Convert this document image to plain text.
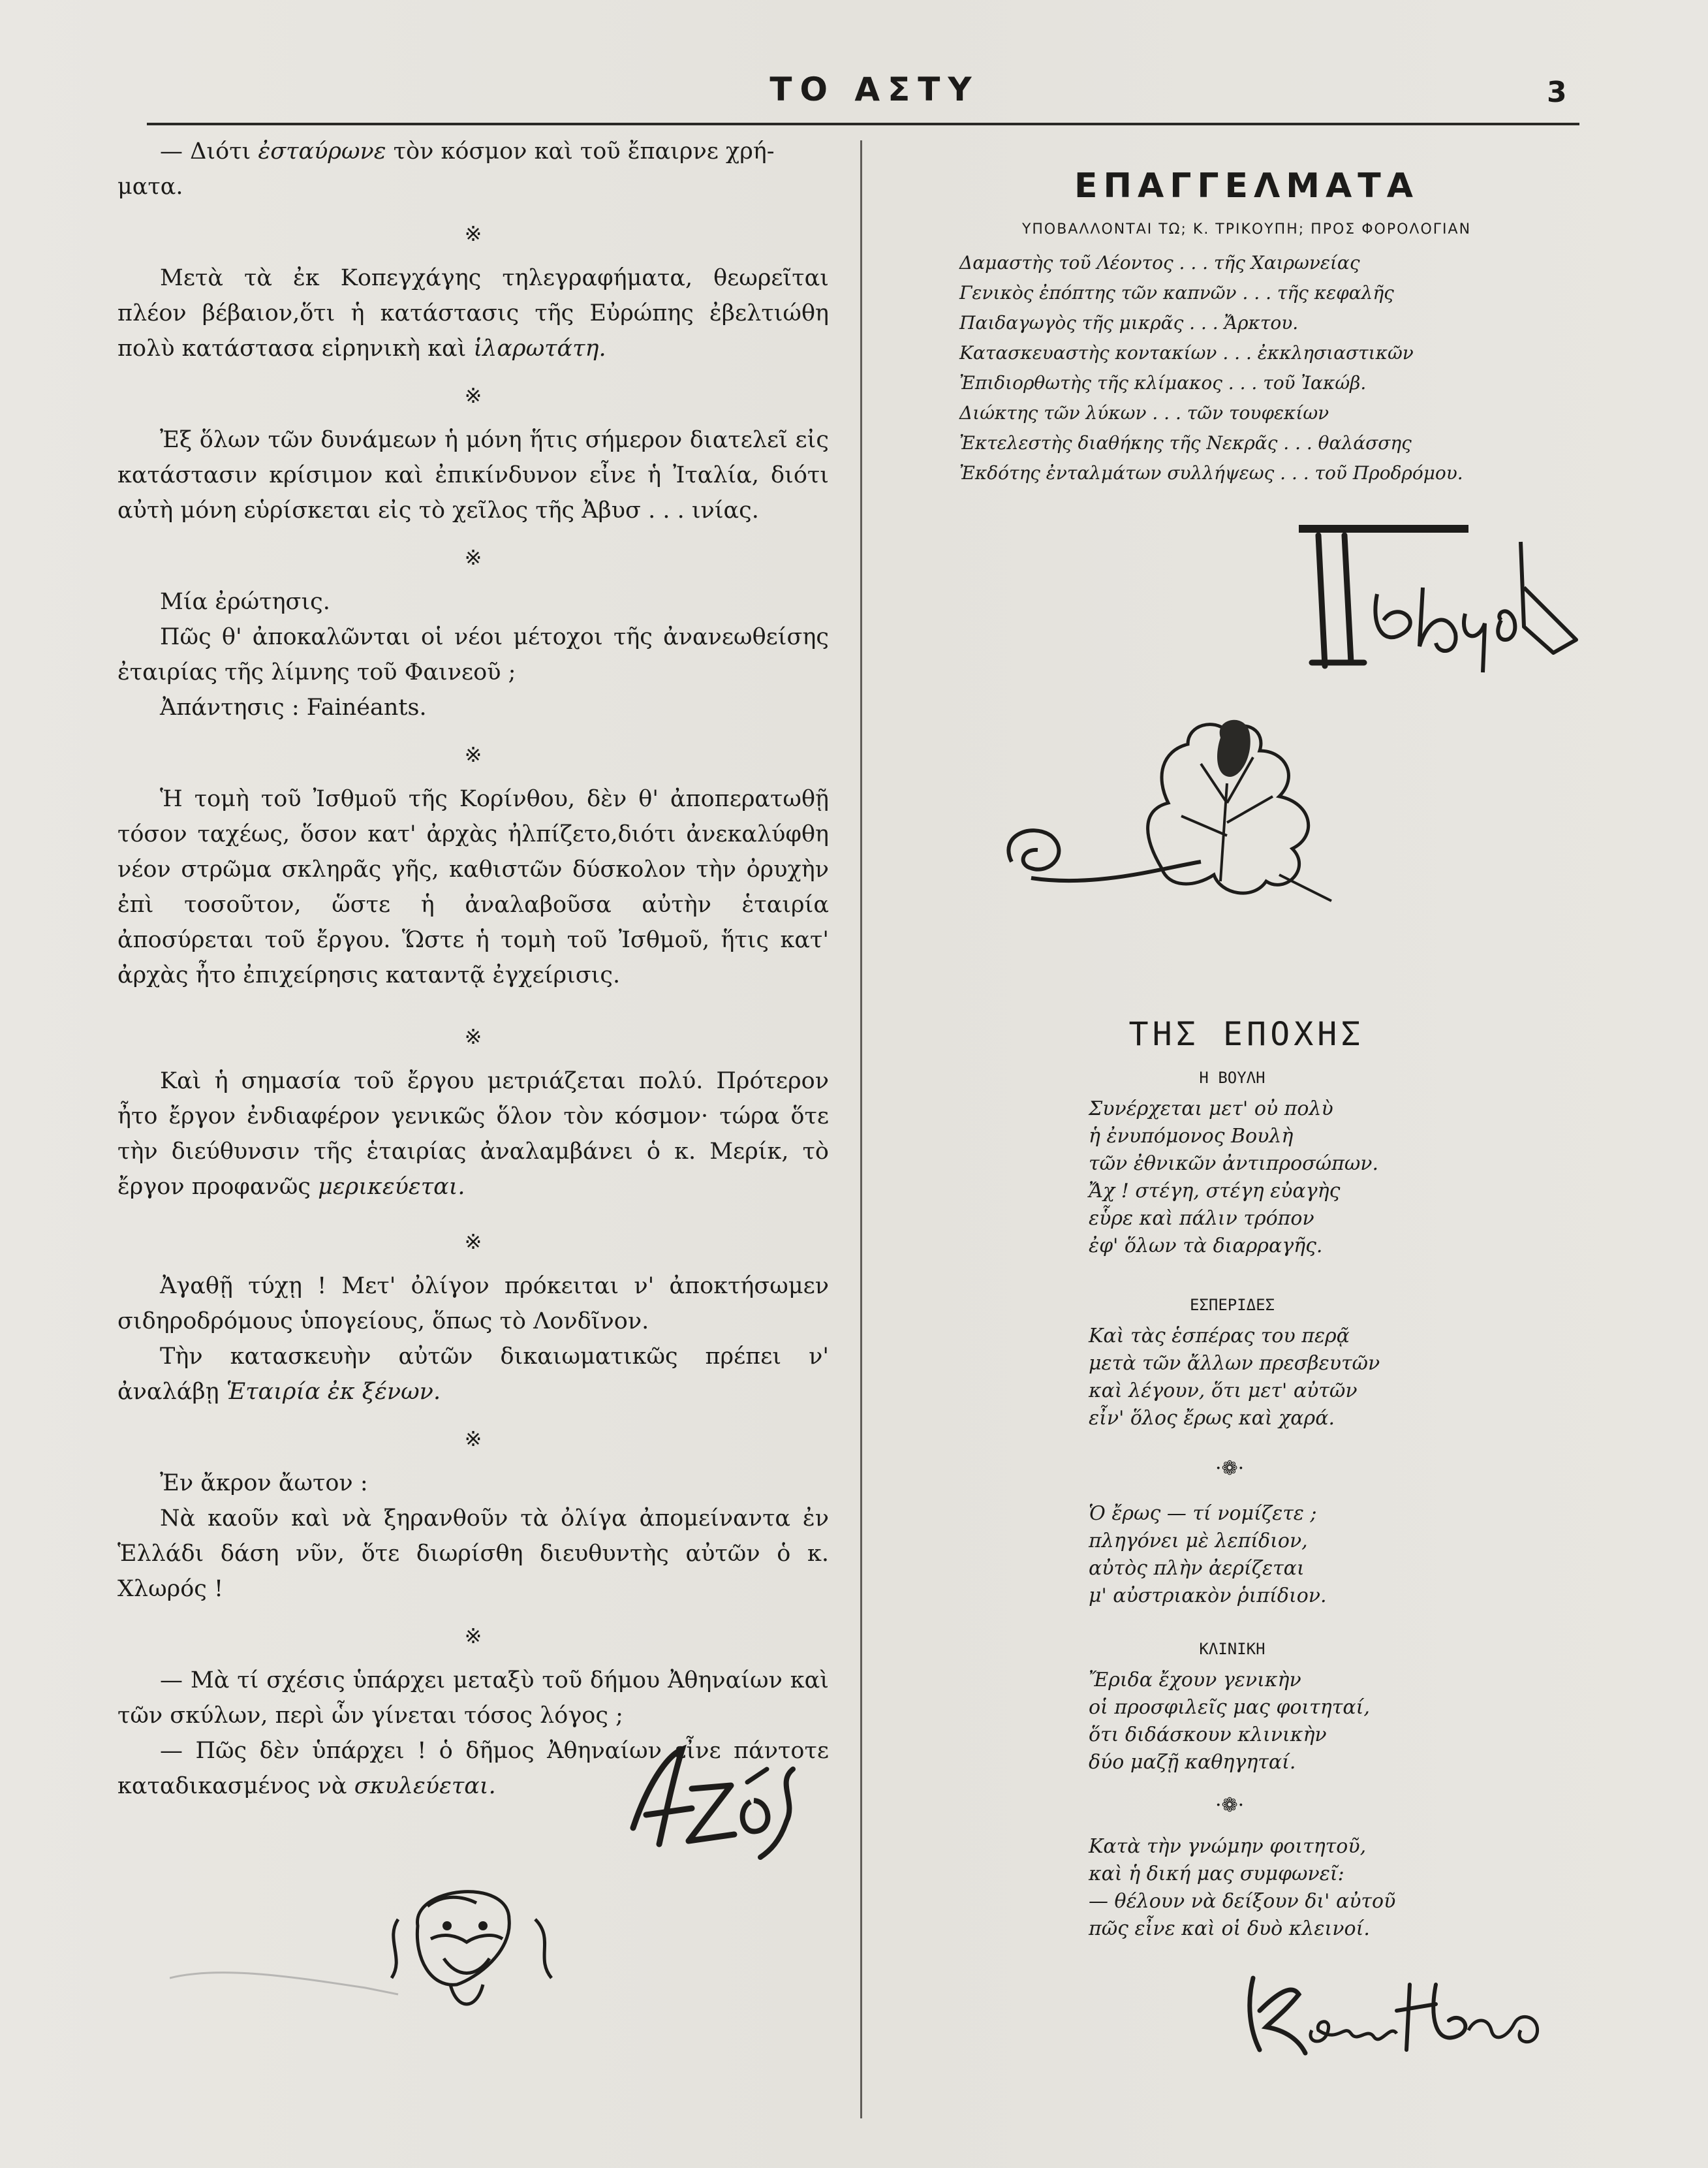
ΤΟ ΑΣΤΥ	3

— Διότι ἐσταύρωνε τὸν κόσμον καὶ τοῦ ἔπαιρνε χρή-
ματα.

※

Μετὰ τὰ ἐκ Κοπεγχάγης τηλεγραφήματα, θεωρεῖται πλέον βέβαιον,ὅτι ἡ κατάστασις τῆς Εὐρώπης ἐβελτιώθη πολὺ κατάστασα εἰρηνικὴ καὶ ἱλαρωτάτη.

※

Ἐξ ὅλων τῶν δυνάμεων ἡ μόνη ἥτις σήμερον διατελεῖ εἰς κατάστασιν κρίσιμον καὶ ἐπικίνδυνον εἶνε ἡ Ἰταλία, διότι αὐτὴ μόνη εὑρίσκεται εἰς τὸ χεῖλος τῆς Ἀβυσ . . . ινίας.

※

Μία ἐρώτησις.

Πῶς θ' ἀποκαλῶνται οἱ νέοι μέτοχοι τῆς ἀνανεωθείσης ἐταιρίας τῆς λίμνης τοῦ Φαινεοῦ ;

Ἀπάντησις : Fainéants.

※

Ἡ τομὴ τοῦ Ἰσθμοῦ τῆς Κορίνθου, δὲν θ' ἀποπερατωθῇ τόσον ταχέως, ὅσον κατ' ἀρχὰς ἠλπίζετο,διότι ἀνεκαλύφθη νέον στρῶμα σκληρᾶς γῆς, καθιστῶν δύσκολον τὴν ὀρυχὴν ἐπὶ τοσοῦτον, ὥστε ἡ ἀναλαβοῦσα αὐτὴν ἑταιρία ἀποσύρεται τοῦ ἔργου. Ὥστε ἡ τομὴ τοῦ Ἰσθμοῦ, ἥτις κατ' ἀρχὰς ἦτο ἐπιχείρησις καταντᾷ ἐγχείρισις.

※

Καὶ ἡ σημασία τοῦ ἔργου μετριάζεται πολύ. Πρότερον ἦτο ἔργον ἐνδιαφέρον γενικῶς ὅλον τὸν κόσμον· τώρα ὅτε τὴν διεύθυνσιν τῆς ἑταιρίας ἀναλαμβάνει ὁ κ. Μερίκ, τὸ ἔργον προφανῶς μερικεύεται.

※

Ἀγαθῇ τύχῃ ! Μετ' ὀλίγον πρόκειται ν' ἀποκτήσωμεν σιδηροδρόμους ὑπογείους, ὅπως τὸ Λονδῖνον.

Τὴν κατασκευὴν αὐτῶν δικαιωματικῶς πρέπει ν' ἀναλάβῃ Ἑταιρία ἐκ ξένων.

※

Ἐν ἄκρον ἄωτον :

Νὰ καοῦν καὶ νὰ ξηρανθοῦν τὰ ὀλίγα ἀπομείναντα ἐν Ἑλλάδι δάση νῦν, ὅτε διωρίσθη διευθυντὴς αὐτῶν ὁ κ. Χλωρός !

※

— Μὰ τί σχέσις ὑπάρχει μεταξὺ τοῦ δήμου Ἀθηναίων καὶ τῶν σκύλων, περὶ ὧν γίνεται τόσος λόγος ;

— Πῶς δὲν ὑπάρχει ! ὁ δῆμος Ἀθηναίων εἶνε πάντοτε καταδικασμένος νὰ σκυλεύεται.

ΕΠΑΓΓΕΛΜΑΤΑ
ΥΠΟΒΑΛΛΟΝΤΑΙ ΤΩ; Κ. ΤΡΙΚΟΥΠΗ; ΠΡΟΣ ΦΟΡΟΛΟΓΙΑΝ
Δαμαστὴς τοῦ Λέοντος . . . τῆς Χαιρωνείας
Γενικὸς ἐπόπτης τῶν καπνῶν . . . τῆς κεφαλῆς
Παιδαγωγὸς τῆς μικρᾶς . . . Ἄρκτου.
Κατασκευαστὴς κοντακίων . . . ἐκκλησιαστικῶν
Ἐπιδιορθωτὴς τῆς κλίμακος . . . τοῦ Ἰακώβ.
Διώκτης τῶν λύκων . . . τῶν τουφεκίων
Ἐκτελεστὴς διαθήκης τῆς Νεκρᾶς . . . θαλάσσης
Ἐκδότης ἐνταλμάτων συλλήψεως . . . τοῦ Προδρόμου.
ΤΗΣ ΕΠΟΧΗΣ
Η ΒΟΥΛΗ
Συνέρχεται μετ' οὐ πολὺ
ἡ ἐνυπόμονος Βουλὴ
τῶν ἐθνικῶν ἀντιπροσώπων.
Ἄχ ! στέγη, στέγη εὐαγὴς
εὗρε καὶ πάλιν τρόπον
ἐφ' ὅλων τὰ διαρραγῆς.
ΕΣΠΕΡΙΔΕΣ
Καὶ τὰς ἑσπέρας του περᾷ
μετὰ τῶν ἄλλων πρεσβευτῶν
καὶ λέγουν, ὅτι μετ' αὐτῶν
εἶν' ὅλος ἔρως καὶ χαρά.
·❁·
Ὁ ἔρως — τί νομίζετε ;
πληγόνει μὲ λεπίδιον,
αὐτὸς πλὴν ἀερίζεται
μ' αὐστριακὸν ῥιπίδιον.
ΚΛΙΝΙΚΗ
Ἔριδα ἔχουν γενικὴν
οἱ προσφιλεῖς μας φοιτηταί,
ὅτι διδάσκουν κλινικὴν
δύο μαζῇ καθηγηταί.
·❁·
Κατὰ τὴν γνώμην φοιτητοῦ,
καὶ ἡ δική μας συμφωνεῖ:
— θέλουν νὰ δείξουν δι' αὐτοῦ
πῶς εἶνε καὶ οἱ δυὸ κλεινοί.
